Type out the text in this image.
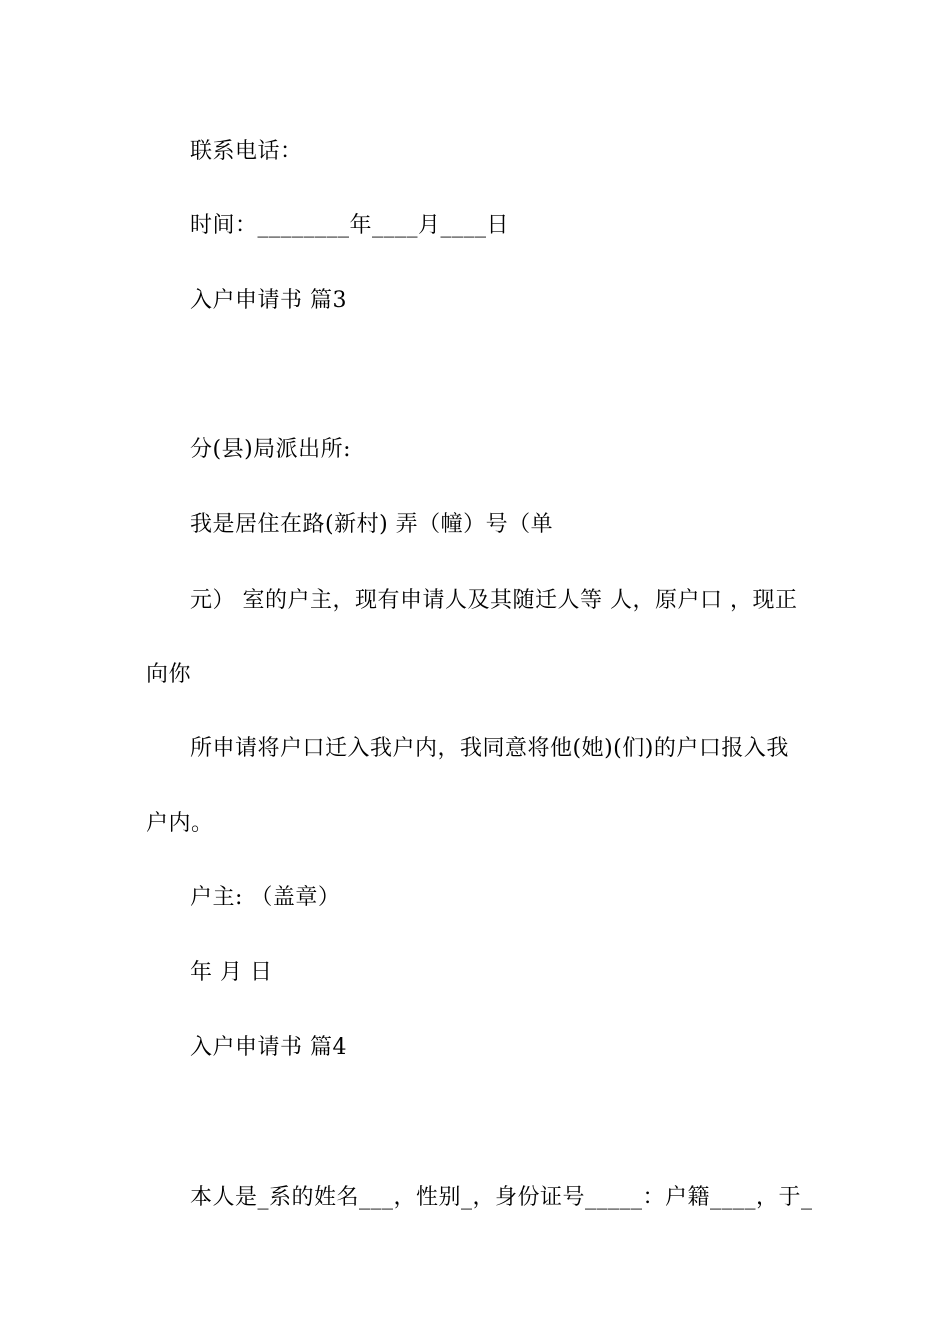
联系电话：
时间：________年____月____日
入户申请书 篇3
分(县)局派出所:
我是居住在路(新村) 弄（幢）号（单
元） 室的户主，现有申请人及其随迁人等 人，原户口 ，现正
向你
所申请将户口迁入我户内，我同意将他(她)(们)的户口报入我
户内。
户主: （盖章）
年 月 日
入户申请书 篇4
本人是_系的姓名___，性别_，身份证号_____：户籍____，于_
